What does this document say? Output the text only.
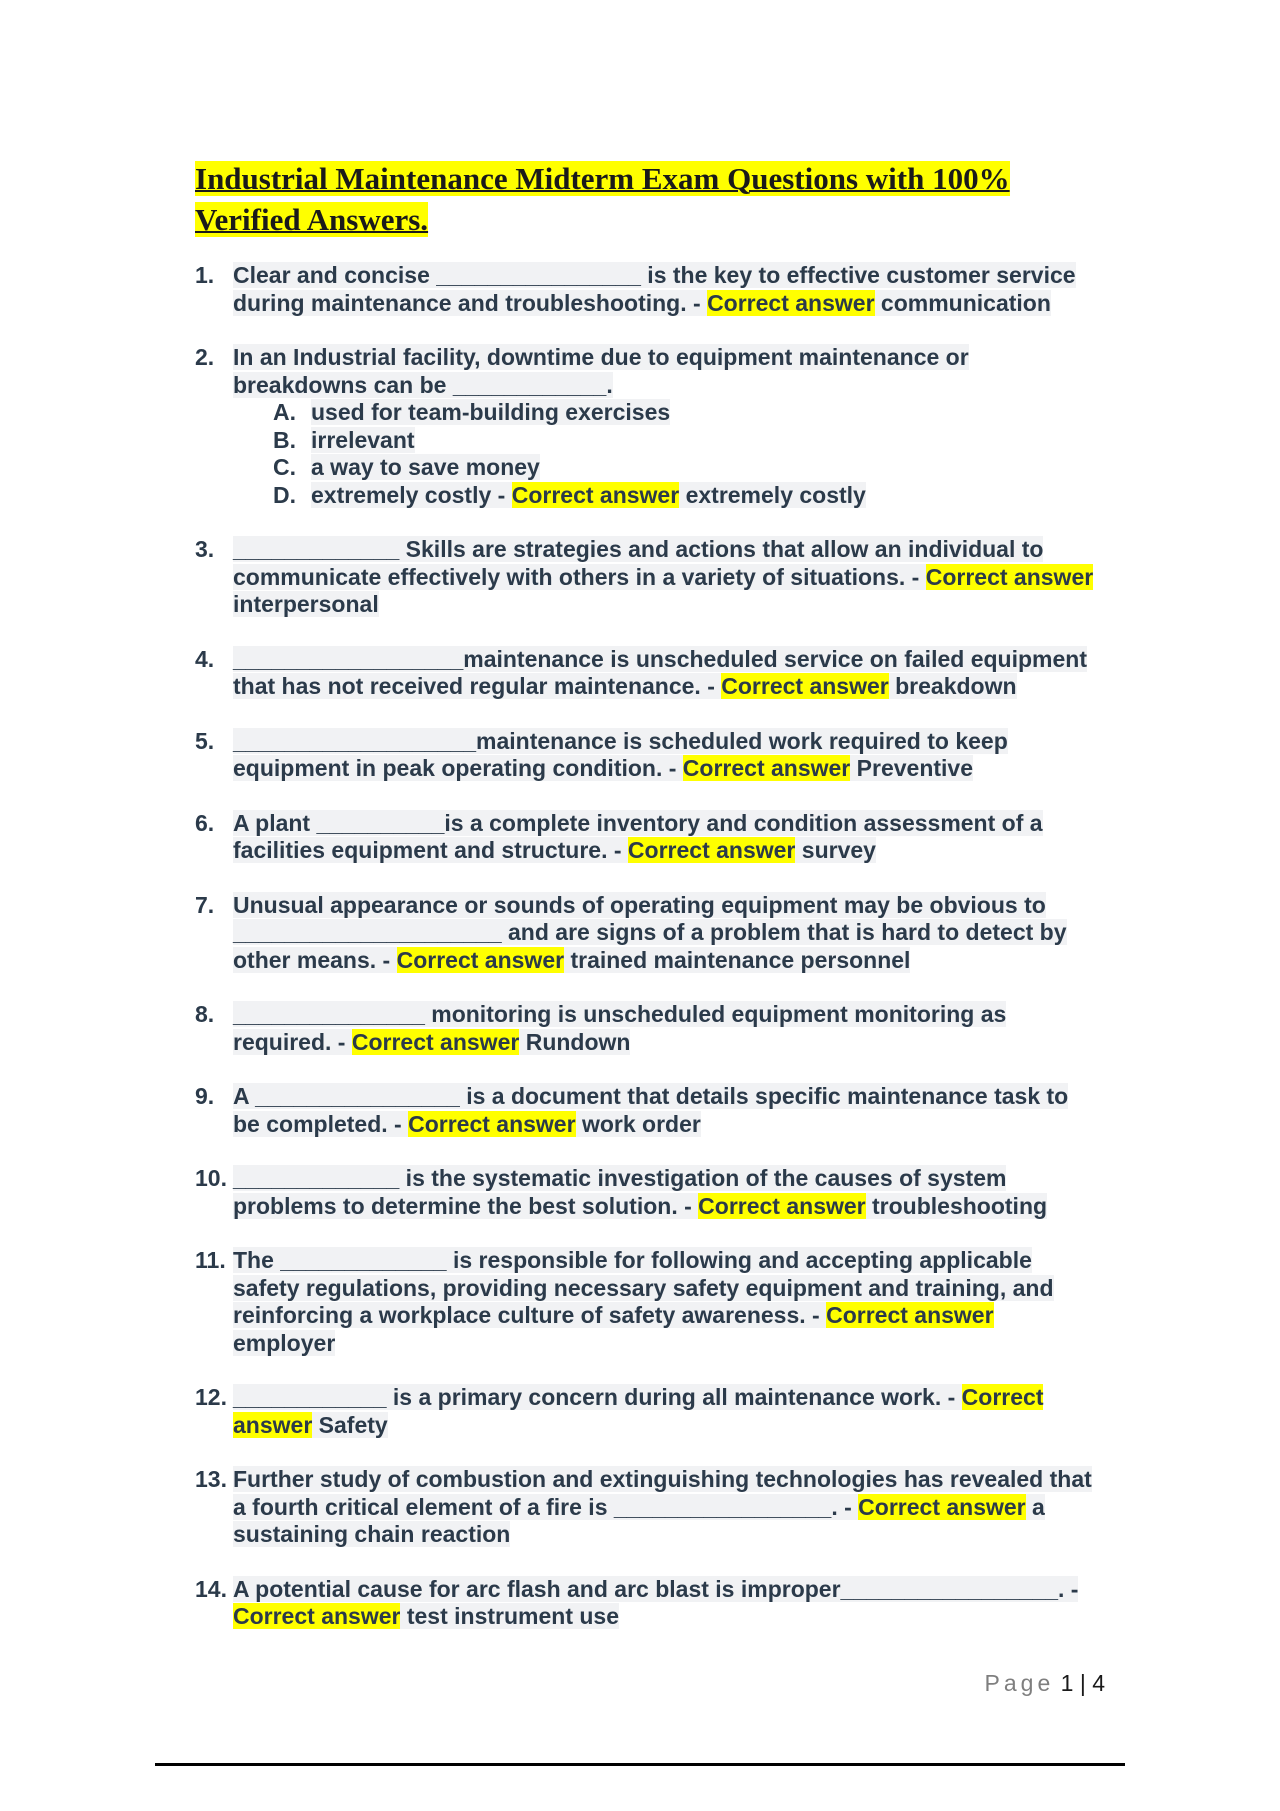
Industrial Maintenance Midterm Exam Questions with 100%
Verified Answers.
1. Clear and concise ________________ is the key to effective customer service
during maintenance and troubleshooting. - Correct answer communication
2. In an Industrial facility, downtime due to equipment maintenance or
breakdowns can be ____________.
A. used for team-building exercises
B. irrelevant
C. a way to save money
D. extremely costly - Correct answer extremely costly
3. _____________ Skills are strategies and actions that allow an individual to
communicate effectively with others in a variety of situations. - Correct answer
interpersonal
4. __________________maintenance is unscheduled service on failed equipment
that has not received regular maintenance. - Correct answer breakdown
5. ___________________maintenance is scheduled work required to keep
equipment in peak operating condition. - Correct answer Preventive
6. A plant __________is a complete inventory and condition assessment of a
facilities equipment and structure. - Correct answer survey
7. Unusual appearance or sounds of operating equipment may be obvious to
_____________________ and are signs of a problem that is hard to detect by
other means. - Correct answer trained maintenance personnel
8. _______________ monitoring is unscheduled equipment monitoring as
required. - Correct answer Rundown
9. A ________________ is a document that details specific maintenance task to
be completed. - Correct answer work order
10. _____________ is the systematic investigation of the causes of system
problems to determine the best solution. - Correct answer troubleshooting
11. The _____________ is responsible for following and accepting applicable
safety regulations, providing necessary safety equipment and training, and
reinforcing a workplace culture of safety awareness. - Correct answer
employer
12. ____________ is a primary concern during all maintenance work. - Correct
answer Safety
13. Further study of combustion and extinguishing technologies has revealed that
a fourth critical element of a fire is _________________. - Correct answer a
sustaining chain reaction
14. A potential cause for arc flash and arc blast is improper_________________. -
Correct answer test instrument use
Page 1 | 4
